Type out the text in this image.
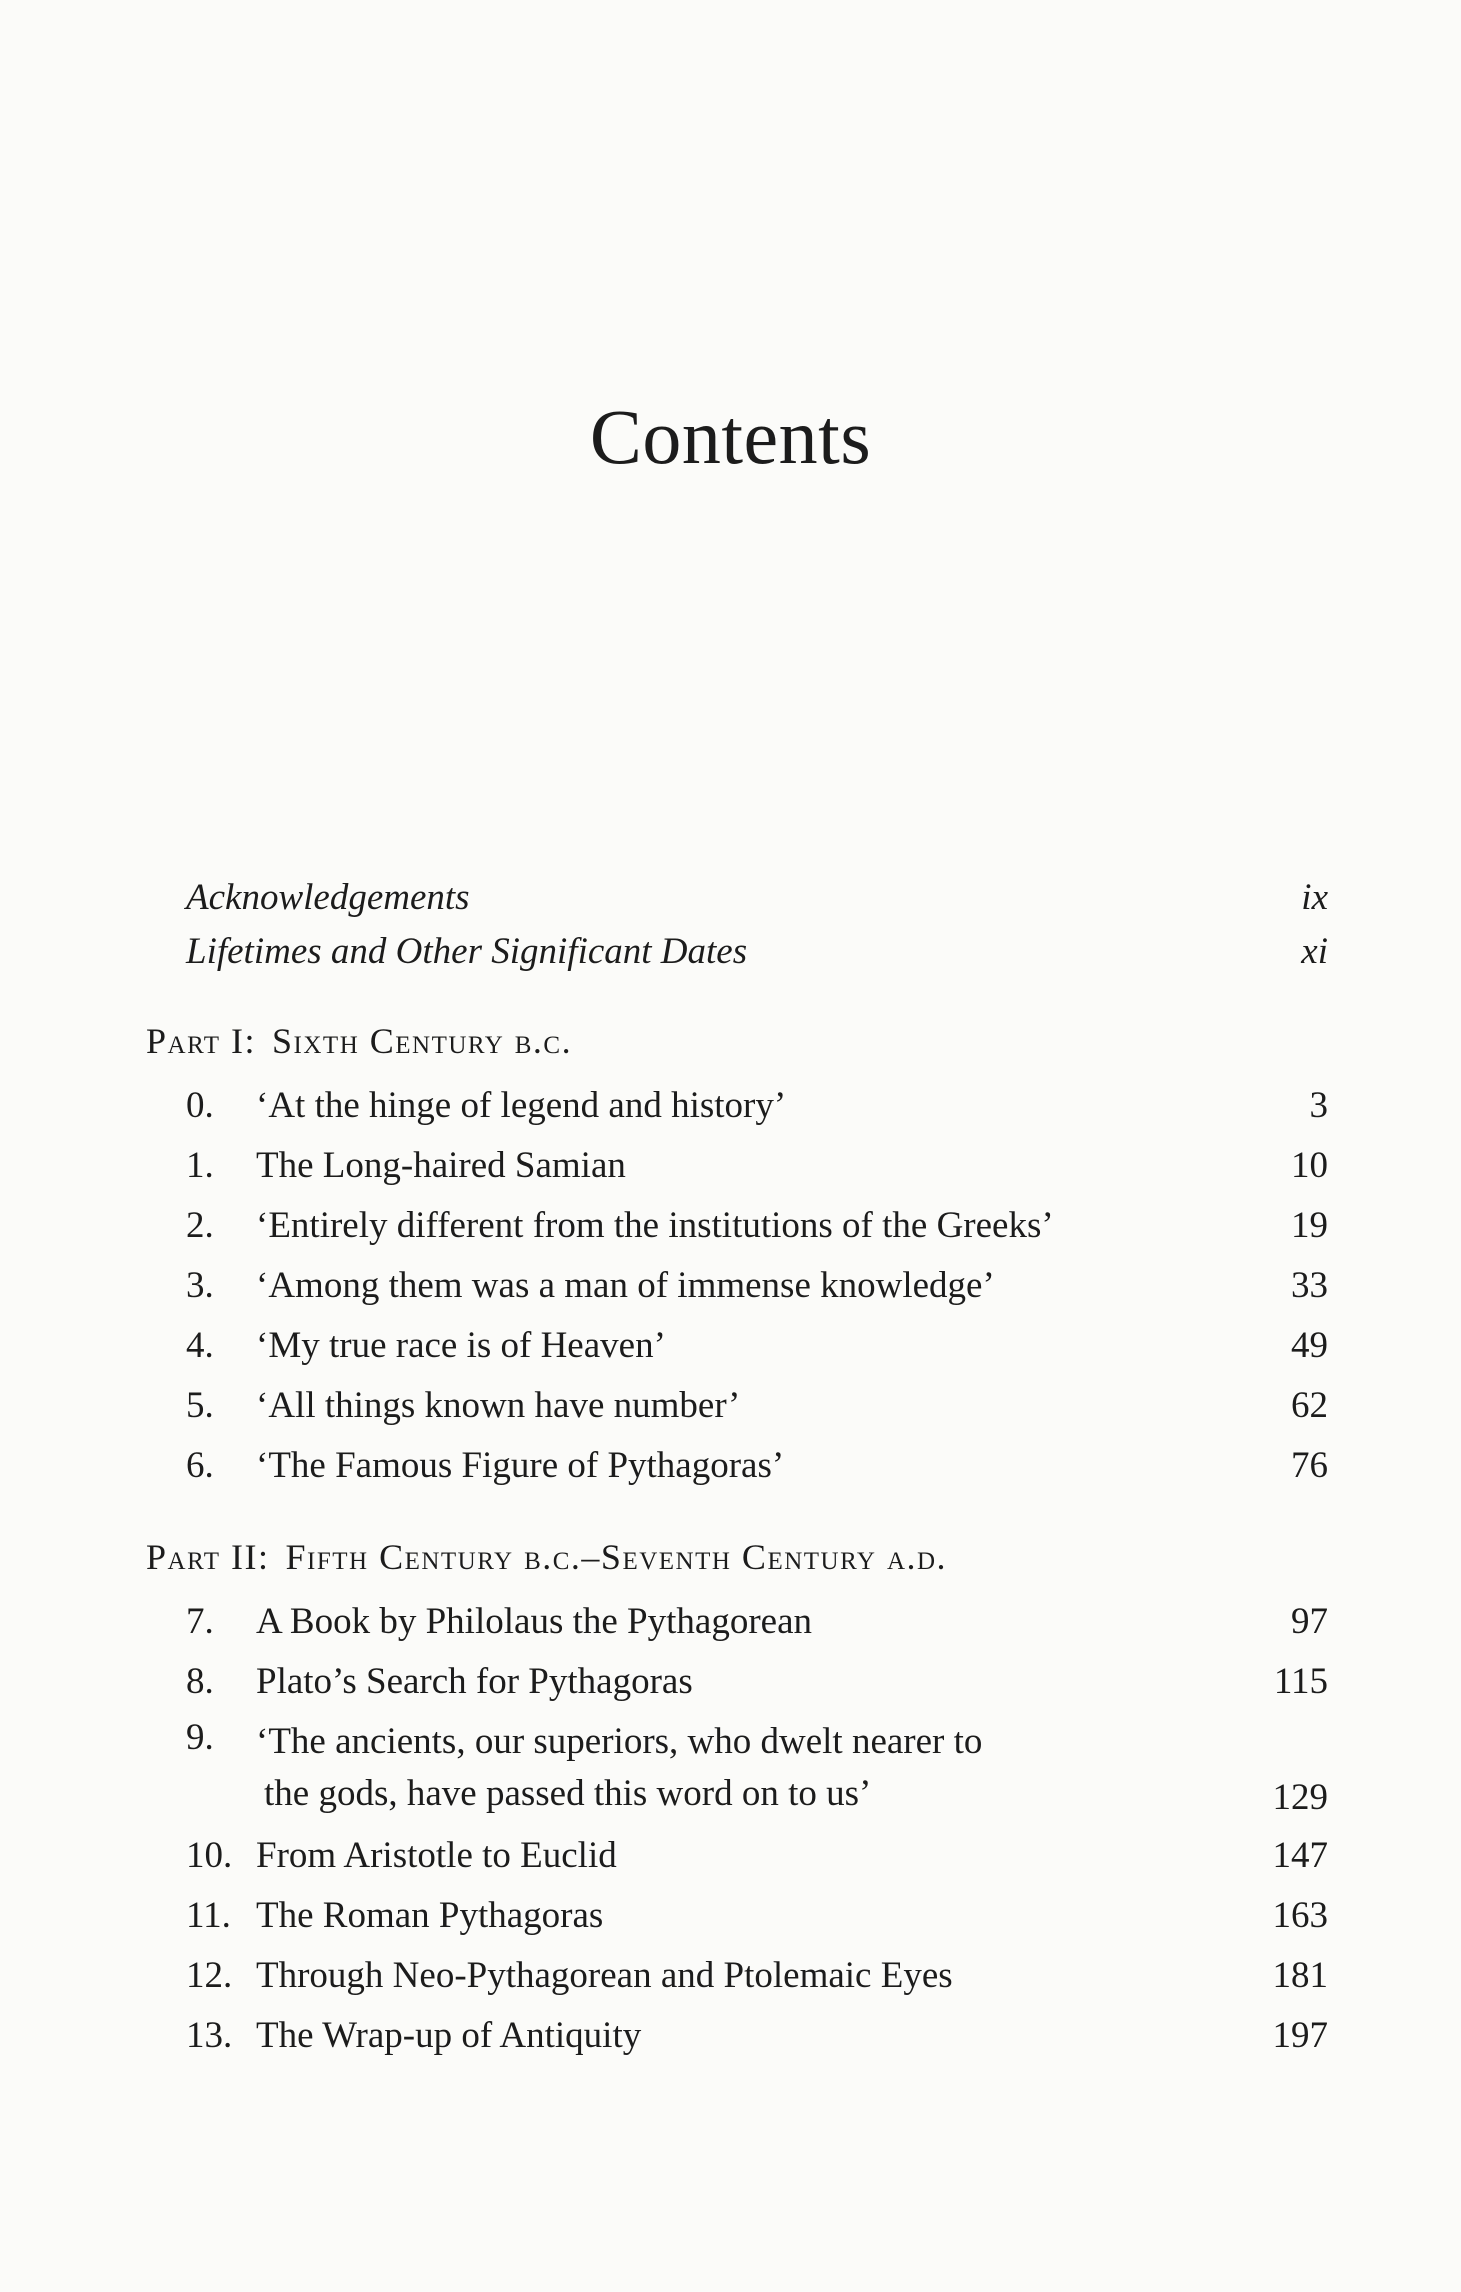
Contents
Acknowledgements	ix
Lifetimes and Other Significant Dates	xi
Part I: Sixth Century b.c.
0.	‘At the hinge of legend and history’	3
1.	The Long-haired Samian	10
2.	‘Entirely different from the institutions of the Greeks’	19
3.	‘Among them was a man of immense knowledge’	33
4.	‘My true race is of Heaven’	49
5.	‘All things known have number’	62
6.	‘The Famous Figure of Pythagoras’	76
Part II: Fifth Century b.c.–Seventh Century a.d.
7.	A Book by Philolaus the Pythagorean	97
8.	Plato’s Search for Pythagoras	115
9.	‘The ancients, our superiors, who dwelt nearer to
the gods, have passed this word on to us’	129
10. From Aristotle to Euclid	147
11. The Roman Pythagoras	163
12. Through Neo-Pythagorean and Ptolemaic Eyes	181
13. The Wrap-up of Antiquity	197
